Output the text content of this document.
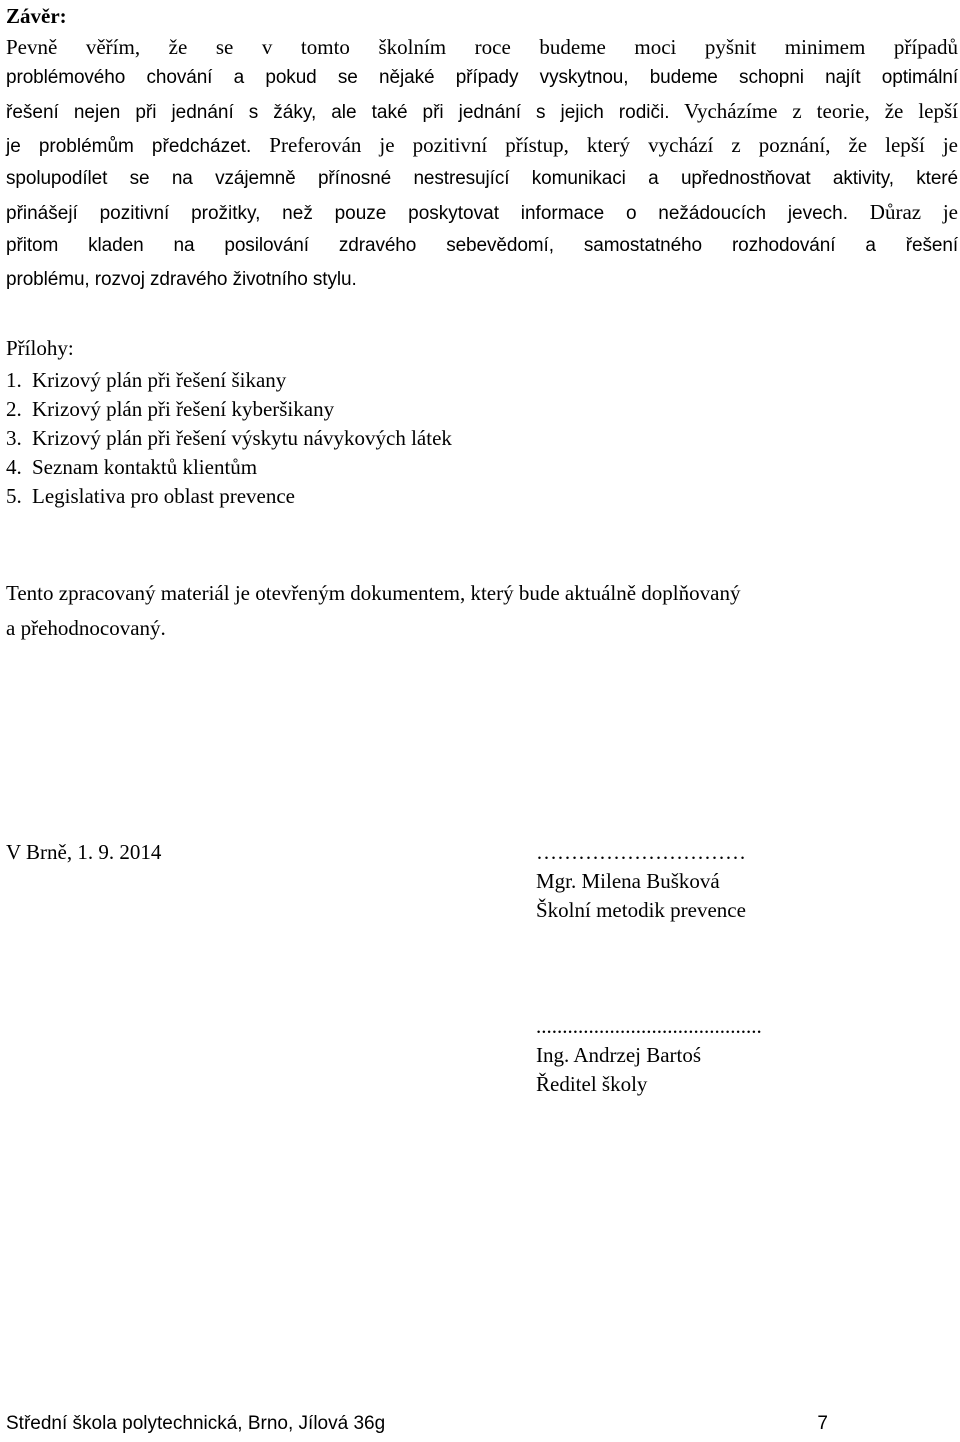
Závěr:
Pevně věřím, že se v tomto školním roce budeme moci pyšnit minimem případů
problémového chování a pokud se nějaké případy vyskytnou, budeme schopni najít optimální
řešení nejen při jednání s žáky, ale také při jednání s jejich rodiči. Vycházíme z teorie, že lepší
je problémům předcházet. Preferován je pozitivní přístup, který vychází z poznání, že lepší je
spolupodílet se na vzájemně přínosné nestresující komunikaci a upřednostňovat aktivity, které
přinášejí pozitivní prožitky, než pouze poskytovat informace o nežádoucích jevech. Důraz je
přitom kladen na posilování zdravého sebevědomí, samostatného rozhodování a řešení
problému, rozvoj zdravého životního stylu.
Přílohy:
1. Krizový plán při řešení šikany
2. Krizový plán při řešení kyberšikany
3. Krizový plán při řešení výskytu návykových látek
4. Seznam kontaktů klientům
5. Legislativa pro oblast prevence
Tento zpracovaný materiál je otevřeným dokumentem, který bude aktuálně doplňovaný
a přehodnocovaný.
V Brně, 1. 9. 2014	…………………………
Mgr. Milena Bušková
Školní metodik prevence
...........................................
Ing. Andrzej Bartoś
Ředitel školy
Střední škola polytechnická, Brno, Jílová 36g	7
